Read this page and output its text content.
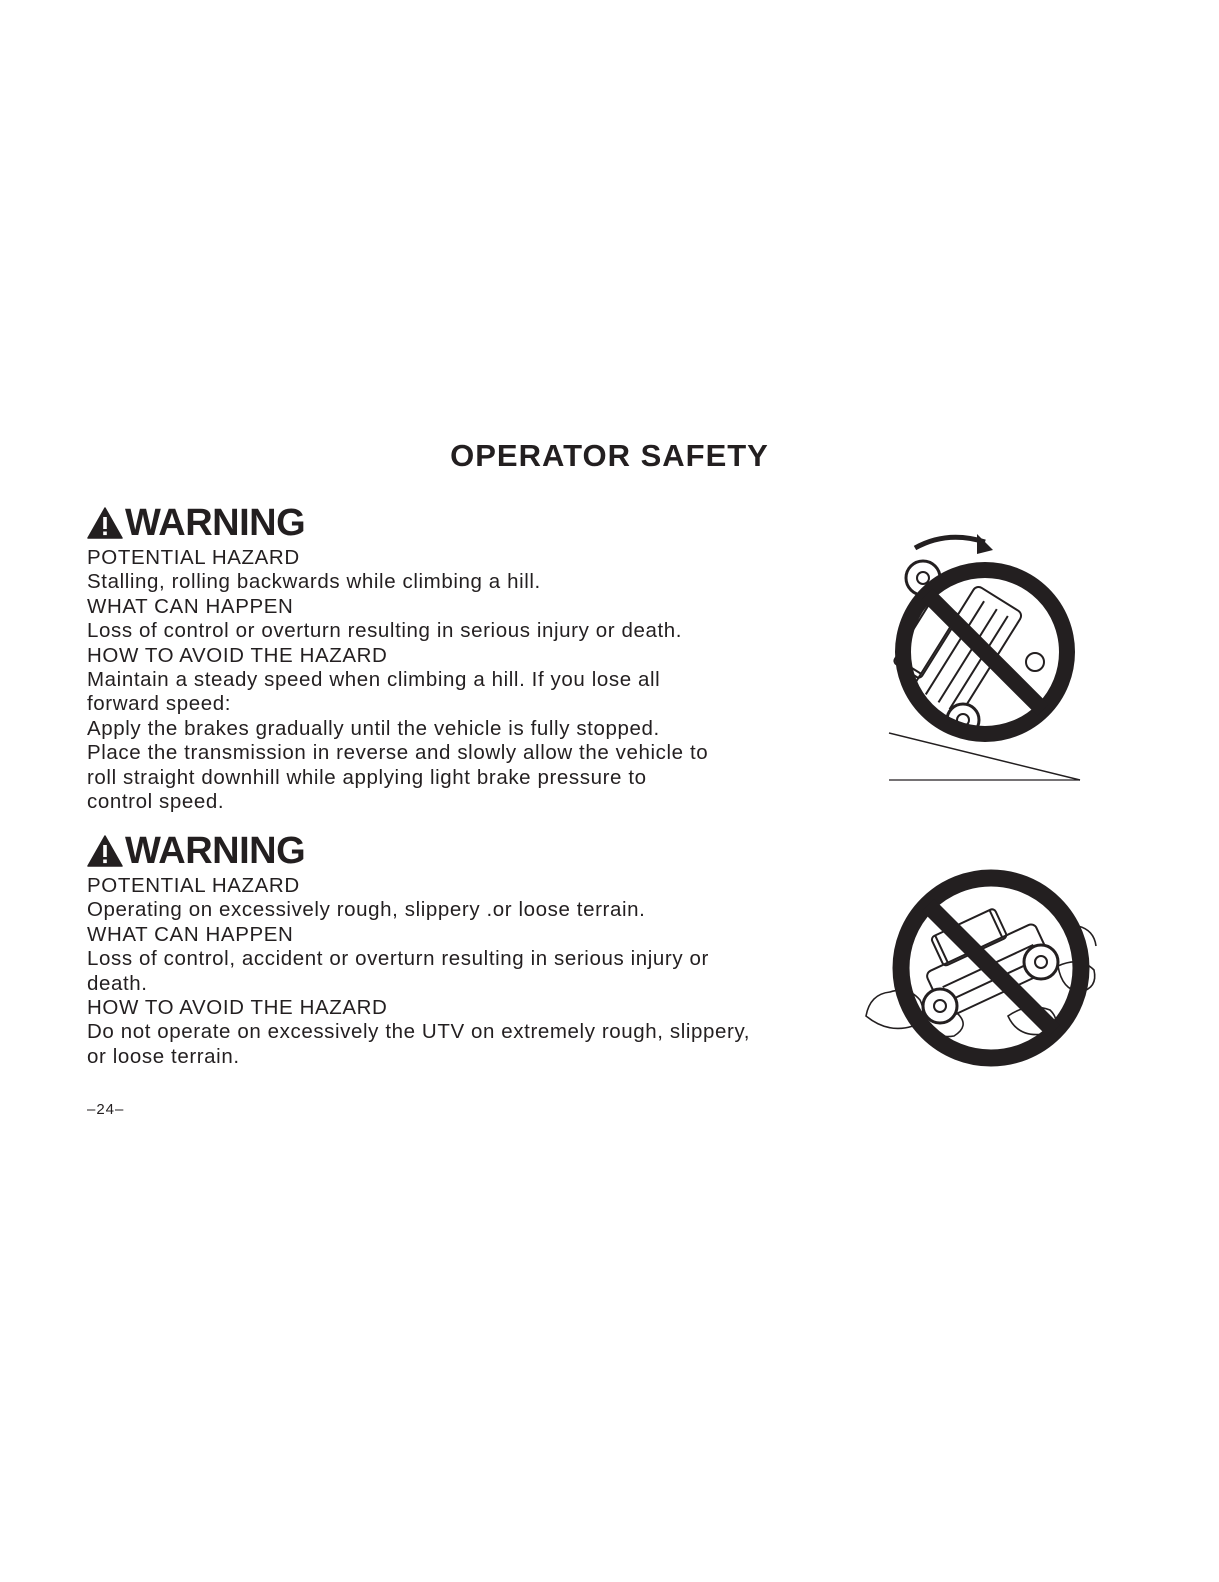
OPERATOR SAFETY
WARNING
POTENTIAL HAZARD
Stalling, rolling backwards while climbing a hill.
WHAT CAN HAPPEN
Loss of control or overturn resulting in serious injury or death.
HOW TO AVOID THE HAZARD
Maintain a steady speed when climbing a hill. If you lose all
forward speed:
Apply the brakes gradually until the vehicle is fully stopped.
Place the transmission in reverse and slowly allow the vehicle to
roll straight downhill while applying light brake pressure to
control speed.
WARNING
POTENTIAL HAZARD
Operating on excessively rough, slippery .or loose terrain.
WHAT CAN HAPPEN
Loss of control, accident or overturn resulting in serious injury or
death.
HOW TO AVOID THE HAZARD
Do not operate on excessively the UTV on extremely rough, slippery,
or loose terrain.
–24–
